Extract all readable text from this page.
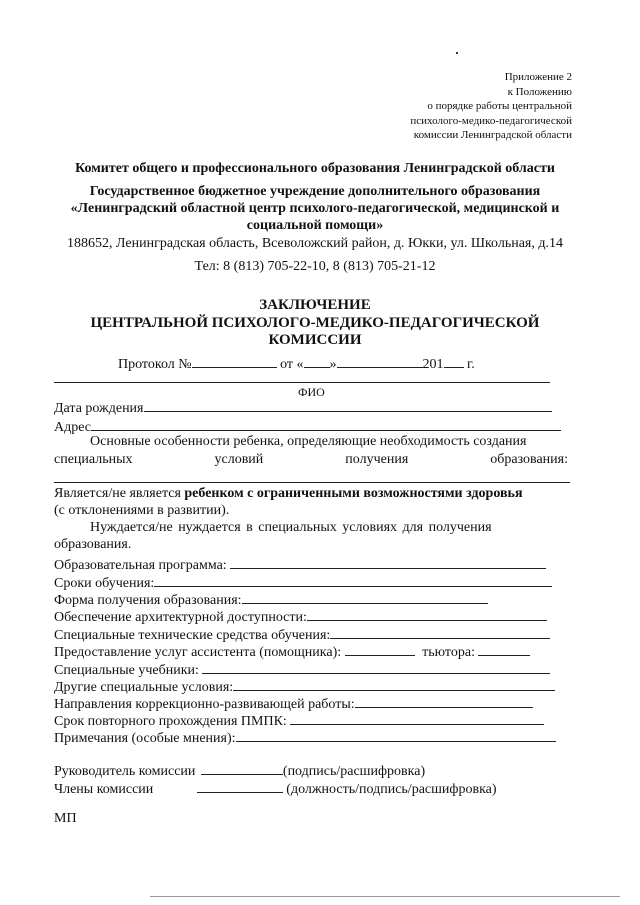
Приложение 2
к Положению
о порядке работы центральной
психолого-медико-педагогической
комиссии Ленинградской области
Комитет общего и профессионального образования Ленинградской области
Государственное бюджетное учреждение дополнительного образования
«Ленинградский областной центр психолого-педагогической, медицинской и
социальной помощи»
188652, Ленинградская область, Всеволожский район, д. Юкки, ул. Школьная, д.14
Тел: 8 (813) 705-22-10, 8 (813) 705-21-12
ЗАКЛЮЧЕНИЕ
ЦЕНТРАЛЬНОЙ ПСИХОЛОГО-МЕДИКО-ПЕДАГОГИЧЕСКОЙ
КОМИССИИ
Протокол №	от « »	201 г.
ФИО
Дата рождения
Адрес
Основные особенности ребенка, определяющие необходимость создания
специальных	условий	получения	образования:
Является/не является ребенком с ограниченными возможностями здоровья
(с отклонениями в развитии).
Нуждается/не нуждается в специальных условиях для получения
образования.
Образовательная программа:
Сроки обучения:
Форма получения образования:
Обеспечение архитектурной доступности:
Специальные технические средства обучения:
Предоставление услуг ассистента (помощника):	тьютора:
Специальные учебники:
Другие специальные условия:
Направления коррекционно-развивающей работы:
Срок повторного прохождения ПМПК:
Примечания (особые мнения):
Руководитель комиссии	(подпись/расшифровка)
Члены комиссии	(должность/подпись/расшифровка)
МП
